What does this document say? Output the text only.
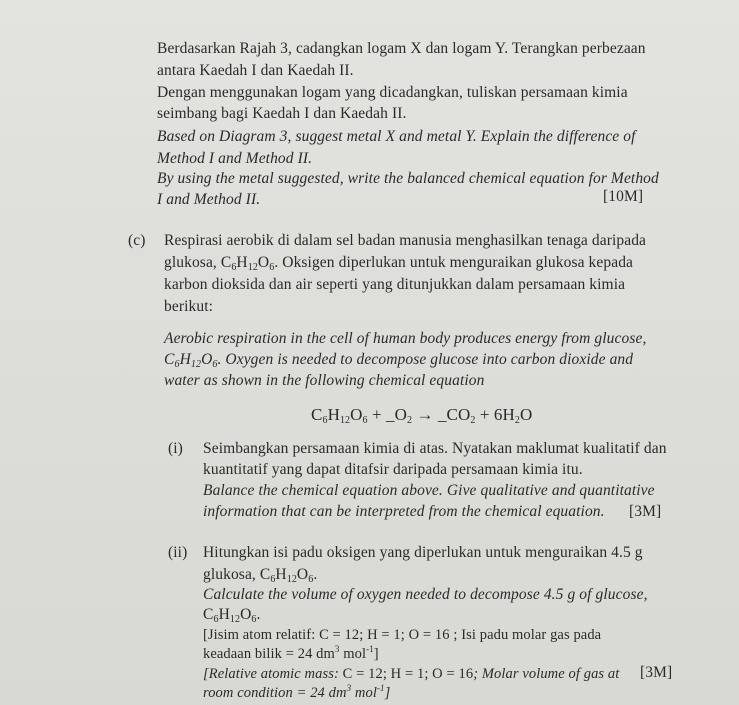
Berdasarkan Rajah 3, cadangkan logam X dan logam Y. Terangkan perbezaan
antara Kaedah I dan Kaedah II.
Dengan menggunakan logam yang dicadangkan, tuliskan persamaan kimia
seimbang bagi Kaedah I dan Kaedah II.
Based on Diagram 3, suggest metal X and metal Y. Explain the difference of
Method I and Method II.
By using the metal suggested, write the balanced chemical equation for Method
I and Method II.	[10M]
(c) Respirasi aerobik di dalam sel badan manusia menghasilkan tenaga daripada
glukosa, $C_6H_{12}O_6$. Oksigen diperlukan untuk menguraikan glukosa kepada
karbon dioksida dan air seperti yang ditunjukkan dalam persamaan kimia
berikut:
Aerobic respiration in the cell of human body produces energy from glucose,
$C_6H_{12}O_6$. Oxygen is needed to decompose glucose into carbon dioxide and
water as shown in the following chemical equation
$C_6H_{12}O_6$ + $\_O_2$ → $\_CO_2 + 6H_2O$
(i) Seimbangkan persamaan kimia di atas. Nyatakan maklumat kualitatif dan
kuantitatif yang dapat ditafsir daripada persamaan kimia itu.
Balance the chemical equation above. Give qualitative and quantitative
information that can be interpreted from the chemical equation. [3M]
(ii) Hitungkan isi padu oksigen yang diperlukan untuk menguraikan 4.5 g
glukosa, $C_6H_{12}O_6$.
Calculate the volume of oxygen needed to decompose 4.5 g of glucose,
$C_6H_{12}O_6$.
[Jisim atom relatif: C = 12; H = 1; O = 16 ; Isi padu molar gas pada
keadaan bilik = 24 $dm^3$ mol$^{-1}$]
[Relative atomic mass: C = 12; H = 1; O = 16; Molar volume of gas at
room condition = 24 $dm^3$ mol$^{-1}$]
[3M]
